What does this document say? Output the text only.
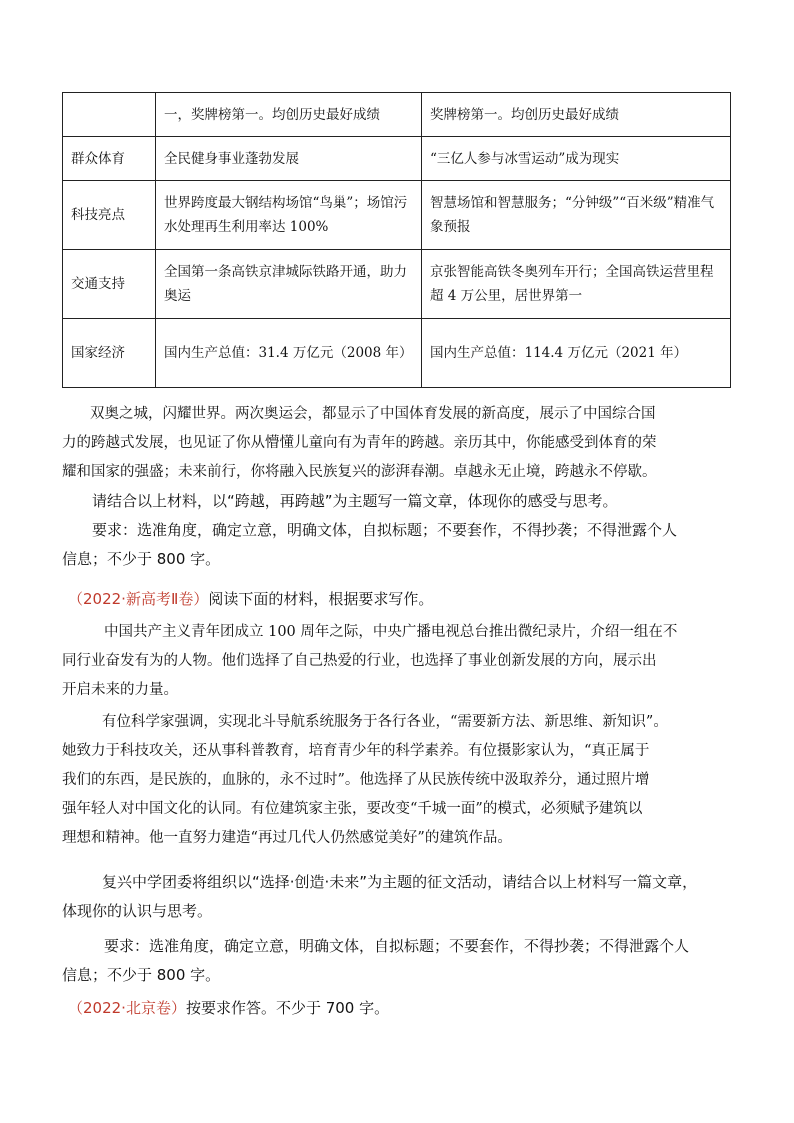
	一，奖牌榜第一。均创历史最好成绩	奖牌榜第一。均创历史最好成绩
群众体育	全民健身事业蓬勃发展	“三亿人参与冰雪运动”成为现实
科技亮点	世界跨度最大钢结构场馆“鸟巢”；场馆污水处理再生利用率达 100%	智慧场馆和智慧服务；“分钟级”“百米级”精准气象预报
交通支持	全国第一条高铁京津城际铁路开通，助力奥运	京张智能高铁冬奥列车开行；全国高铁运营里程超 4 万公里，居世界第一
国家经济	国内生产总值：31.4 万亿元（2008 年）	国内生产总值：114.4 万亿元（2021 年）
双奥之城，闪耀世界。两次奥运会，都显示了中国体育发展的新高度，展示了中国综合国
力的跨越式发展，也见证了你从懵懂儿童向有为青年的跨越。亲历其中，你能感受到体育的荣
耀和国家的强盛；未来前行，你将融入民族复兴的澎湃春潮。卓越永无止境，跨越永不停歇。
请结合以上材料，以“跨越，再跨越”为主题写一篇文章，体现你的感受与思考。
要求：选准角度，确定立意，明确文体，自拟标题；不要套作，不得抄袭；不得泄露个人
信息；不少于 800 字。
（2022·新高考Ⅱ卷）阅读下面的材料，根据要求写作。
中国共产主义青年团成立 100 周年之际，中央广播电视总台推出微纪录片，介绍一组在不
同行业奋发有为的人物。他们选择了自己热爱的行业，也选择了事业创新发展的方向，展示出
开启未来的力量。
有位科学家强调，实现北斗导航系统服务于各行各业，“需要新方法、新思维、新知识”。
她致力于科技攻关，还从事科普教育，培育青少年的科学素养。有位摄影家认为，“真正属于
我们的东西，是民族的，血脉的，永不过时”。他选择了从民族传统中汲取养分，通过照片增
强年轻人对中国文化的认同。有位建筑家主张，要改变“千城一面”的模式，必须赋予建筑以
理想和精神。他一直努力建造“再过几代人仍然感觉美好”的建筑作品。
复兴中学团委将组织以“选择·创造·未来”为主题的征文活动，请结合以上材料写一篇文章，
体现你的认识与思考。
要求：选准角度，确定立意，明确文体，自拟标题；不要套作，不得抄袭；不得泄露个人
信息；不少于 800 字。
（2022·北京卷）按要求作答。不少于 700 字。
